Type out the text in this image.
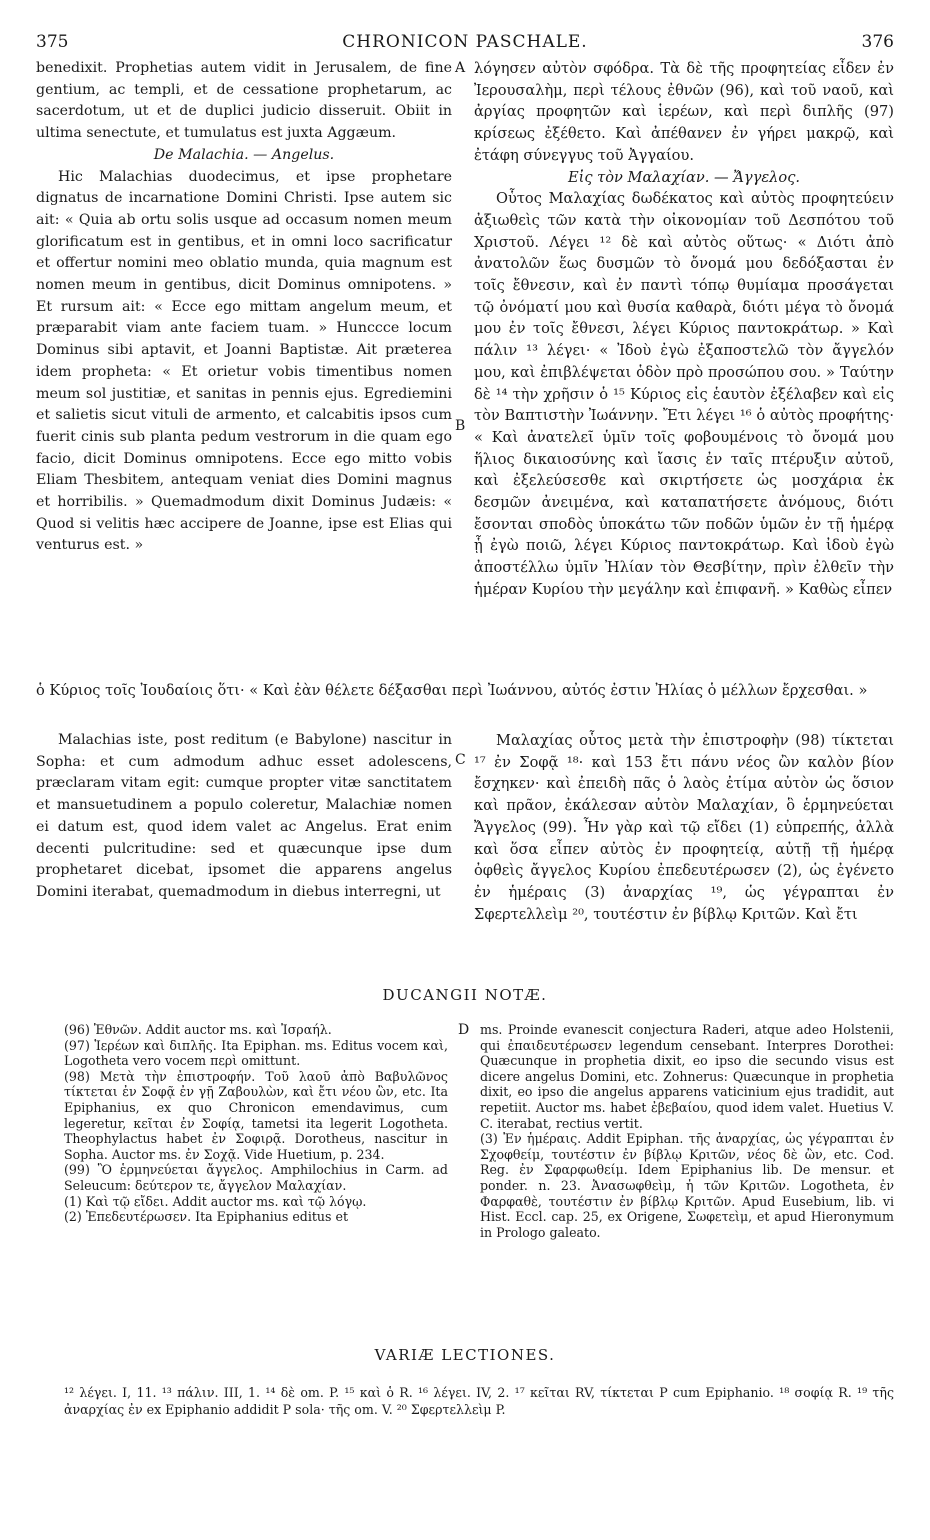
375	CHRONICON PASCHALE.	376

benedixit. Prophetias autem vidit in Jerusalem, de fine gentium, ac templi, et de cessatione prophetarum, ac sacerdotum, ut et de duplici judicio disseruit. Obiit in ultima senectute, et tumulatus est juxta Aggæum.

De Malachia. — Angelus.

Hic Malachias duodecimus, et ipse prophetare dignatus de incarnatione Domini Christi. Ipse autem sic ait: « Quia ab ortu solis usque ad occasum nomen meum glorificatum est in gentibus, et in omni loco sacrificatur et offertur nomini meo oblatio munda, quia magnum est nomen meum in gentibus, dicit Dominus omnipotens. » Et rursum ait: « Ecce ego mittam angelum meum, et præparabit viam ante faciem tuam. » Hunccce locum Dominus sibi aptavit, et Joanni Baptistæ. Ait præterea idem propheta: « Et orietur vobis timentibus nomen meum sol justitiæ, et sanitas in pennis ejus. Egrediemini et salietis sicut vituli de armento, et calcabitis ipsos cum fuerit cinis sub planta pedum vestrorum in die quam ego facio, dicit Dominus omnipotens. Ecce ego mitto vobis Eliam Thesbitem, antequam veniat dies Domini magnus et horribilis. » Quemadmodum dixit Dominus Judæis: « Quod si velitis hæc accipere de Joanne, ipse est Elias qui venturus est. »

A
B
C
D

λόγησεν αὐτὸν σφόδρα. Τὰ δὲ τῆς προφητείας εἶδεν ἐν Ἰερουσαλὴμ, περὶ τέλους ἐθνῶν (96), καὶ τοῦ ναοῦ, καὶ ἀργίας προφητῶν καὶ ἱερέων, καὶ περὶ διπλῆς (97) κρίσεως ἐξέθετο. Καὶ ἀπέθανεν ἐν γήρει μακρῷ, καὶ ἐτάφη σύνεγγυς τοῦ Ἀγγαίου.

Εἰς τὸν Μαλαχίαν. — Ἄγγελος.

Οὗτος Μαλαχίας δωδέκατος καὶ αὐτὸς προφητεύειν ἀξιωθεὶς τῶν κατὰ τὴν οἰκονομίαν τοῦ Δεσπότου τοῦ Χριστοῦ. Λέγει ¹² δὲ καὶ αὐτὸς οὕτως· « Διότι ἀπὸ ἀνατολῶν ἕως δυσμῶν τὸ ὄνομά μου δεδόξασται ἐν τοῖς ἔθνεσιν, καὶ ἐν παντὶ τόπῳ θυμίαμα προσάγεται τῷ ὀνόματί μου καὶ θυσία καθαρὰ, διότι μέγα τὸ ὄνομά μου ἐν τοῖς ἔθνεσι, λέγει Κύριος παντοκράτωρ. » Καὶ πάλιν ¹³ λέγει· « Ἰδοὺ ἐγὼ ἐξαποστελῶ τὸν ἄγγελόν μου, καὶ ἐπιβλέψεται ὁδὸν πρὸ προσώπου σου. » Ταύτην δὲ ¹⁴ τὴν χρῆσιν ὁ ¹⁵ Κύριος εἰς ἑαυτὸν ἐξέλαβεν καὶ εἰς τὸν Βαπτιστὴν Ἰωάννην. Ἔτι λέγει ¹⁶ ὁ αὐτὸς προφήτης· « Καὶ ἀνατελεῖ ὑμῖν τοῖς φοβουμένοις τὸ ὄνομά μου ἥλιος δικαιοσύνης καὶ ἴασις ἐν ταῖς πτέρυξιν αὐτοῦ, καὶ ἐξελεύσεσθε καὶ σκιρτήσετε ὡς μοσχάρια ἐκ δεσμῶν ἀνειμένα, καὶ καταπατήσετε ἀνόμους, διότι ἔσονται σποδὸς ὑποκάτω τῶν ποδῶν ὑμῶν ἐν τῇ ἡμέρᾳ ᾗ ἐγὼ ποιῶ, λέγει Κύριος παντοκράτωρ. Καὶ ἰδοὺ ἐγὼ ἀποστέλλω ὑμῖν Ἠλίαν τὸν Θεσβίτην, πρὶν ἐλθεῖν τὴν ἡμέραν Κυρίου τὴν μεγάλην καὶ ἐπιφανῆ. » Καθὼς εἶπεν

ὁ Κύριος τοῖς Ἰουδαίοις ὅτι· « Καὶ ἐὰν θέλετε δέξασθαι περὶ Ἰωάννου, αὐτός ἐστιν Ἠλίας ὁ μέλλων ἔρχεσθαι. »

Malachias iste, post reditum (e Babylone) nascitur in Sopha: et cum admodum adhuc esset adolescens, præclaram vitam egit: cumque propter vitæ sanctitatem et mansuetudinem a populo coleretur, Malachiæ nomen ei datum est, quod idem valet ac Angelus. Erat enim decenti pulcritudine: sed et quæcunque ipse dum prophetaret dicebat, ipsomet die apparens angelus Domini iterabat, quemadmodum in diebus interregni, ut

Μαλαχίας οὗτος μετὰ τὴν ἐπιστροφὴν (98) τίκτεται ¹⁷ ἐν Σοφᾷ ¹⁸· καὶ 153 ἔτι πάνυ νέος ὢν καλὸν βίον ἔσχηκεν· καὶ ἐπειδὴ πᾶς ὁ λαὸς ἐτίμα αὐτὸν ὡς ὅσιον καὶ πρᾶον, ἐκάλεσαν αὐτὸν Μαλαχίαν, ὃ ἑρμηνεύεται Ἄγγελος (99). Ἦν γὰρ καὶ τῷ εἴδει (1) εὐπρεπής, ἀλλὰ καὶ ὅσα εἶπεν αὐτὸς ἐν προφητείᾳ, αὐτῇ τῇ ἡμέρᾳ ὀφθεὶς ἄγγελος Κυρίου ἐπεδευτέρωσεν (2), ὡς ἐγένετο ἐν ἡμέραις (3) ἀναρχίας ¹⁹, ὡς γέγραπται ἐν Σφερτελλεὶμ ²⁰, τουτέστιν ἐν βίβλῳ Κριτῶν. Καὶ ἔτι

DUCANGII NOTÆ.

(96) Ἐθνῶν. Addit auctor ms. καὶ Ἰσραήλ.

(97) Ἱερέων καὶ διπλῆς. Ita Epiphan. ms. Editus vocem καὶ, Logotheta vero vocem περὶ omittunt.

(98) Μετὰ τὴν ἐπιστροφήν. Τοῦ λαοῦ ἀπὸ Βαβυλῶνος τίκτεται ἐν Σοφᾷ ἐν γῇ Ζαβουλὼν, καὶ ἔτι νέου ὢν, etc. Ita Epiphanius, ex quo Chronicon emendavimus, cum legeretur, κεῖται ἐν Σοφίᾳ, tametsi ita legerit Logotheta. Theophylactus habet ἐν Σοφιρᾷ. Dorotheus, nascitur in Sopha. Auctor ms. ἐν Σοχᾷ. Vide Huetium, p. 234.

(99) Ὃ ἑρμηνεύεται ἄγγελος. Amphilochius in Carm. ad Seleucum: δεύτερον τε, ἄγγελον Μαλαχίαν.

(1) Καὶ τῷ εἴδει. Addit auctor ms. καὶ τῷ λόγῳ.

(2) Ἐπεδευτέρωσεν. Ita Epiphanius editus et

ms. Proinde evanescit conjectura Raderi, atque adeo Holstenii, qui ἐπαιδευτέρωσεν legendum censebant. Interpres Dorothei: Quæcunque in prophetia dixit, eo ipso die secundo visus est dicere angelus Domini, etc. Zohnerus: Quæcunque in prophetia dixit, eo ipso die angelus apparens vaticinium ejus tradidit, aut repetiit. Auctor ms. habet ἐβεβαίου, quod idem valet. Huetius V. C. iterabat, rectius vertit.

(3) Ἐν ἡμέραις. Addit Epiphan. τῆς ἀναρχίας, ὡς γέγραπται ἐν Σχοφθείμ, τουτέστιν ἐν βίβλῳ Κριτῶν, νέος δὲ ὢν, etc. Cod. Reg. ἐν Σφαρφωθείμ. Idem Epiphanius lib. De mensur. et ponder. n. 23. Ἀνασωφθεὶμ, ἡ τῶν Κριτῶν. Logotheta, ἐν Φαρφαθὲ, τουτέστιν ἐν βίβλῳ Κριτῶν. Apud Eusebium, lib. vi Hist. Eccl. cap. 25, ex Origene, Σωφετεὶμ, et apud Hieronymum in Prologo galeato.

VARIÆ LECTIONES.
¹² λέγει. I, 11. ¹³ πάλιν. III, 1. ¹⁴ δὲ om. P. ¹⁵ καὶ ὁ R. ¹⁶ λέγει. IV, 2. ¹⁷ κεῖται RV, τίκτεται P cum Epiphanio. ¹⁸ σοφίᾳ R. ¹⁹ τῆς ἀναρχίας ἐν ex Epiphanio addidit P sola· τῆς om. V. ²⁰ Σφερτελλεὶμ P.
